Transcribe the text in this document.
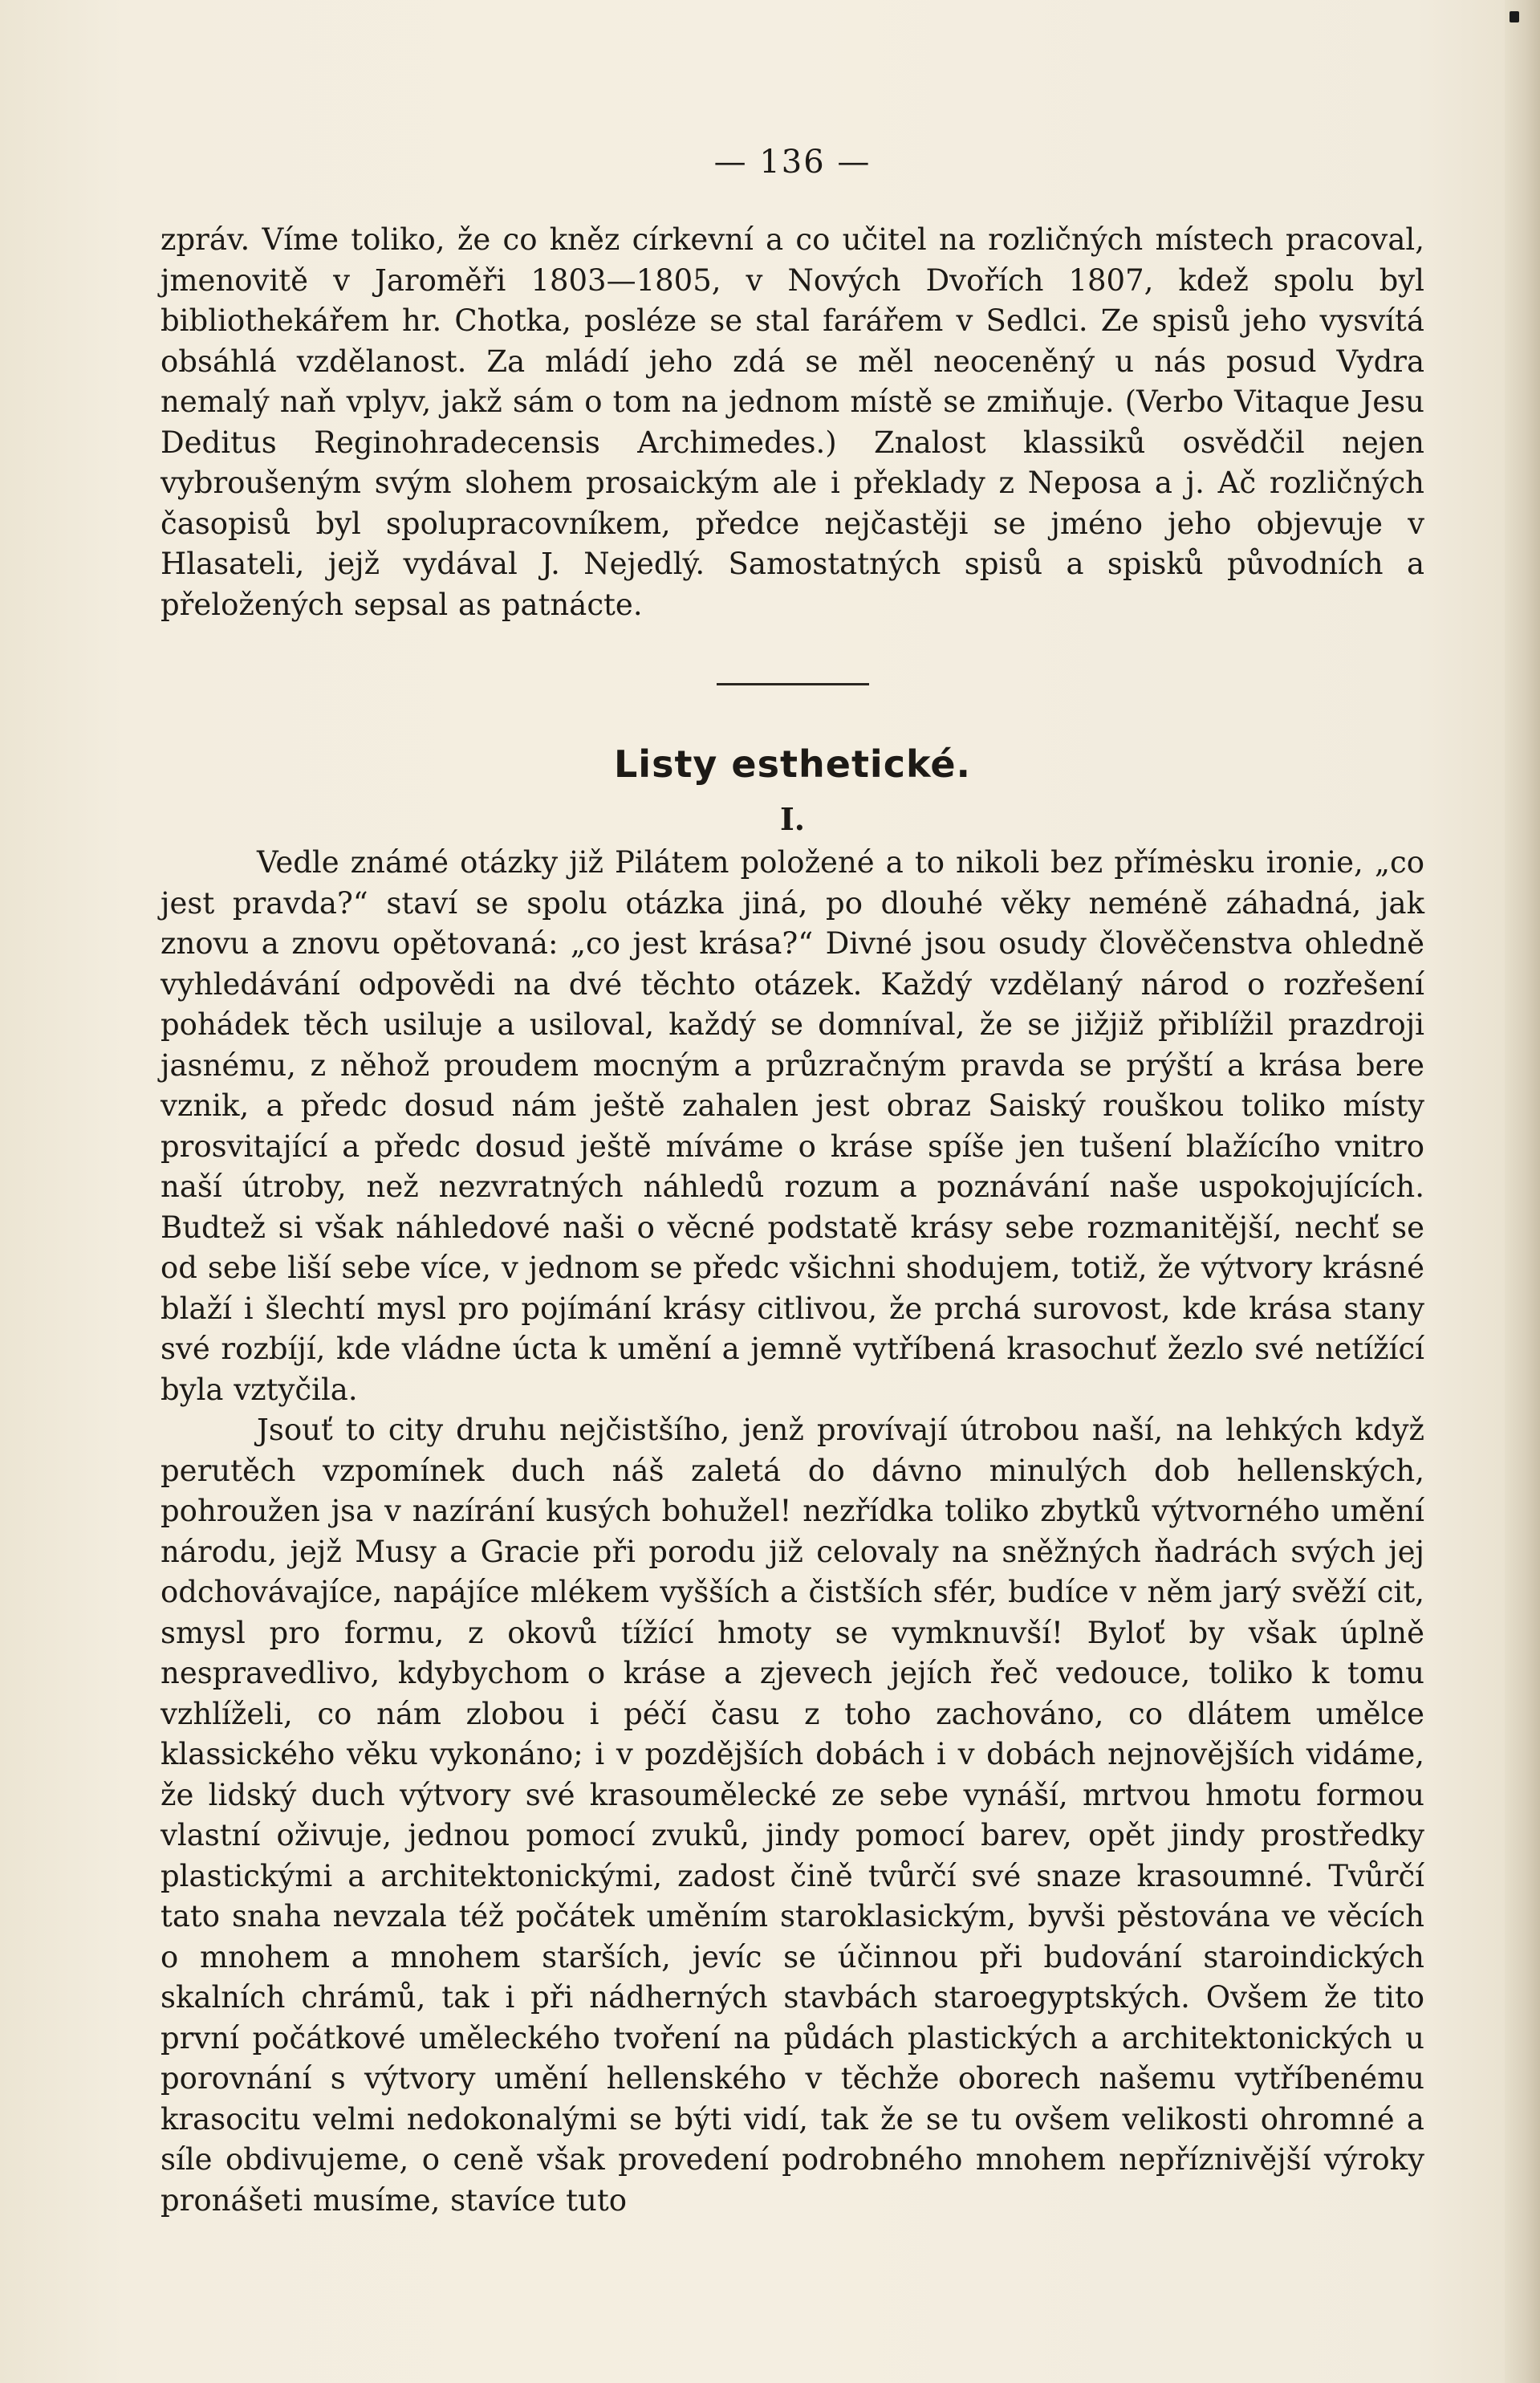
— 136 —

zpráv. Víme toliko, že co kněz církevní a co učitel na rozličných místech pracoval, jmenovitě v Jaroměři 1803—1805, v Nových Dvořích 1807, kdež spolu byl bibliothekářem hr. Chotka, posléze se stal farářem v Sedlci. Ze spisů jeho vysvítá obsáhlá vzdělanost. Za mládí jeho zdá se měl neoceněný u nás posud Vydra nemalý naň vplyv, jakž sám o tom na jednom místě se zmiňuje. (Verbo Vitaque Jesu Deditus Reginohradecensis Archimedes.) Znalost klassiků osvědčil nejen vybroušeným svým slohem prosaickým ale i překlady z Neposa a j. Ač rozličných časopisů byl spolupracovníkem, předce nejčastěji se jméno jeho objevuje v Hlasateli, jejž vydával J. Nejedlý. Samostatných spisů a spisků původních a přeložených sepsal as patnácte.

Listy esthetické.
I.

Vedle známé otázky již Pilátem položené a to nikoli bez přímėsku ironie, „co jest pravda?“ staví se spolu otázka jiná, po dlouhé věky neméně záhadná, jak znovu a znovu opětovaná: „co jest krása?“ Divné jsou osudy člověčenstva ohledně vyhledávání odpovědi na dvé těchto otázek. Každý vzdělaný národ o rozřešení pohádek těch usiluje a usiloval, každý se domníval, že se jižjiž přiblížil prazdroji jasnému, z něhož proudem mocným a průzračným pravda se prýští a krása bere vznik, a předc dosud nám ještě zahalen jest obraz Saiský rouškou toliko místy prosvitající a předc dosud ještě míváme o kráse spíše jen tušení blažícího vnitro naší útroby, než nezvratných náhledů rozum a poznávání naše uspokojujících. Budtež si však náhledové naši o věcné podstatě krásy sebe rozmanitější, nechť se od sebe liší sebe více, v jednom se předc všichni shodujem, totiž, že výtvory krásné blaží i šlechtí mysl pro pojímání krásy citlivou, že prchá surovost, kde krása stany své rozbíjí, kde vládne úcta k umění a jemně vytříbená krasochuť žezlo své netížící byla vztyčila.

Jsouť to city druhu nejčistšího, jenž provívají útrobou naší, na lehkých když perutěch vzpomínek duch náš zaletá do dávno minulých dob hellenských, pohroužen jsa v nazírání kusých bohužel! nezřídka toliko zbytků výtvorného umění národu, jejž Musy a Gracie při porodu již celovaly na sněžných ňadrách svých jej odchovávajíce, napájíce mlékem vyšších a čistších sfér, budíce v něm jarý svěží cit, smysl pro formu, z okovů tížící hmoty se vymknuvší! Byloť by však úplně nespravedlivo, kdybychom o kráse a zjevech jejích řeč vedouce, toliko k tomu vzhlíželi, co nám zlobou i péčí času z toho zachováno, co dlátem umělce klassického věku vykonáno; i v pozdějších dobách i v dobách nejnovějších vidáme, že lidský duch výtvory své krasoumělecké ze sebe vynáší, mrtvou hmotu formou vlastní oživuje, jednou pomocí zvuků, jindy pomocí barev, opět jindy prostředky plastickými a architektonickými, zadost čině tvůrčí své snaze krasoumné. Tvůrčí tato snaha nevzala též počátek uměním staroklasickým, byvši pěstována ve věcích o mnohem a mnohem starších, jevíc se účinnou při budování staroindických skalních chrámů, tak i při nádherných stavbách staroegyptských. Ovšem že tito první počátkové uměleckého tvoření na půdách plastických a architektonických u porovnání s výtvory umění hellenského v těchže oborech našemu vytříbenému krasocitu velmi nedokonalými se býti vidí, tak že se tu ovšem velikosti ohromné a síle obdivujeme, o ceně však provedení podrobného mnohem nepříznivější výroky pronášeti musíme, stavíce tuto
